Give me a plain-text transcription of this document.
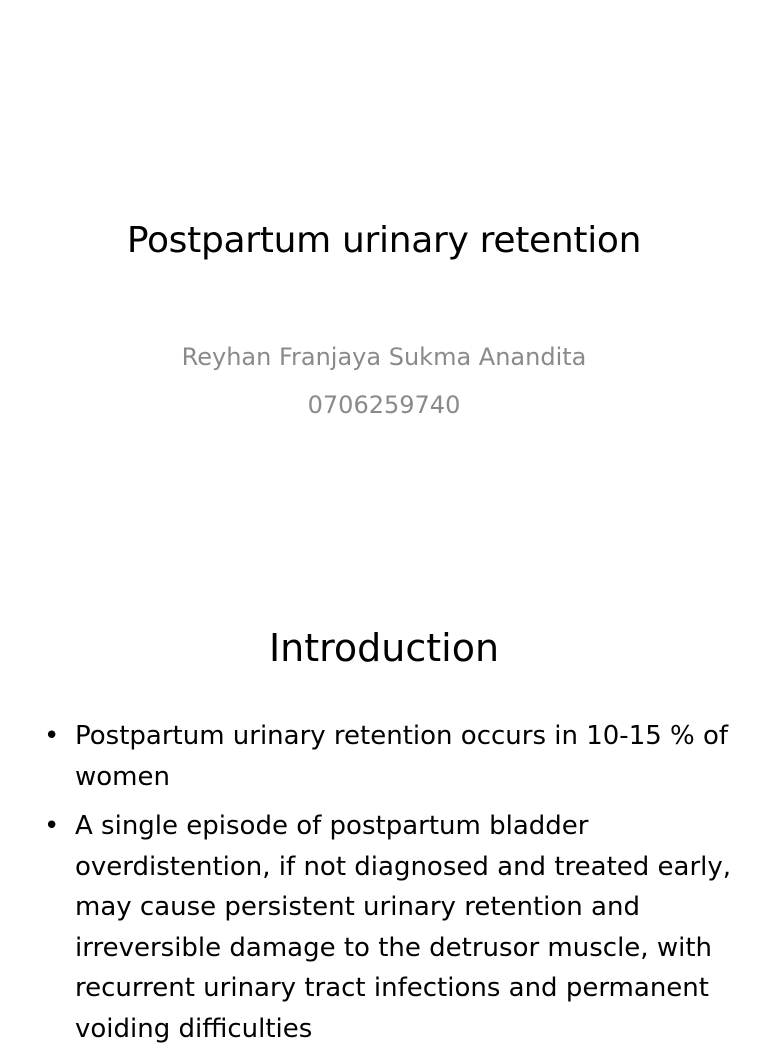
Postpartum urinary retention
Reyhan Franjaya Sukma Anandita
0706259740
Introduction
• Postpartum urinary retention occurs in 10-15 % of women
• A single episode of postpartum bladder overdistention, if not diagnosed and treated early, may cause persistent urinary retention and irreversible damage to the detrusor muscle, with recurrent urinary tract infections and permanent voiding difficulties
